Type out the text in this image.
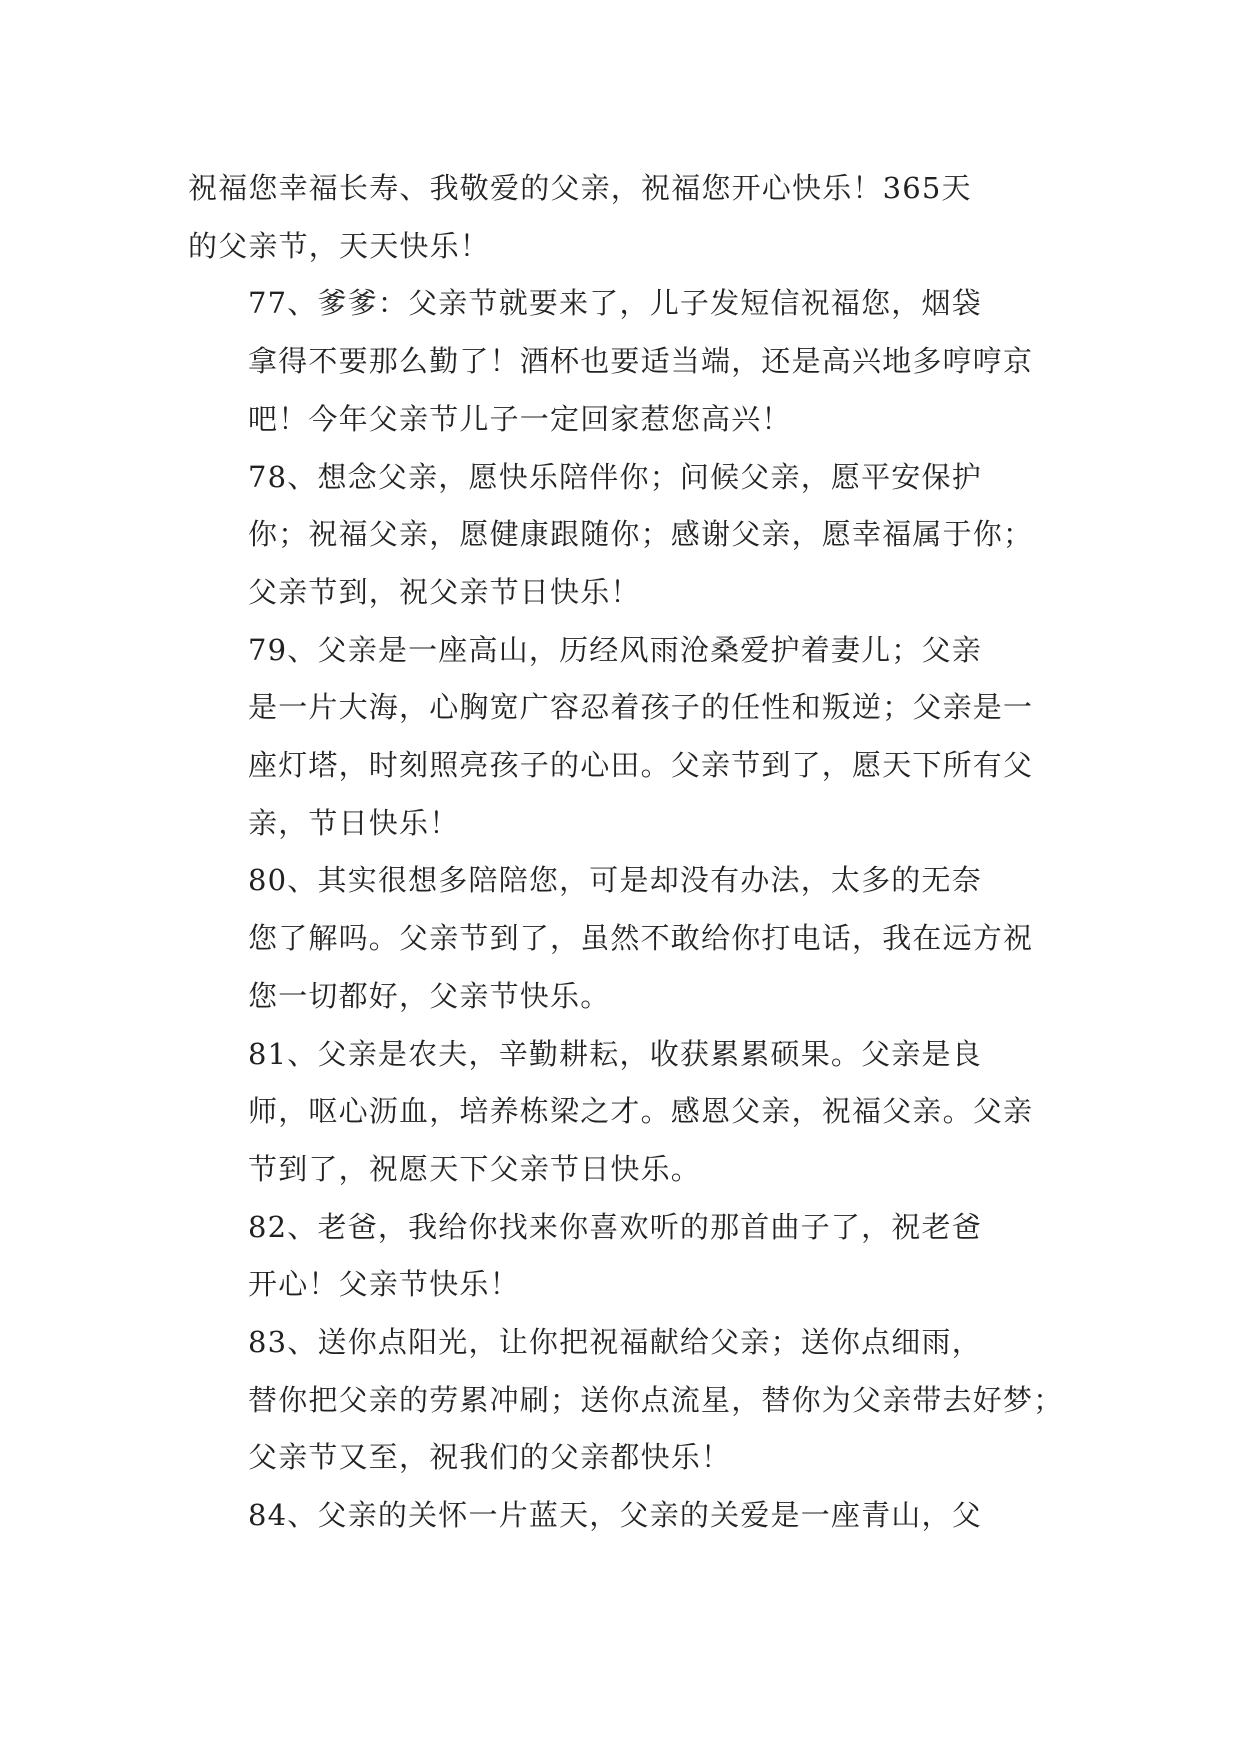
祝福您幸福长寿、我敬爱的父亲，祝福您开心快乐！365天
的父亲节，天天快乐！
77、爹爹：父亲节就要来了，儿子发短信祝福您，烟袋
拿得不要那么勤了！酒杯也要适当端，还是高兴地多哼哼京
吧！今年父亲节儿子一定回家惹您高兴！
78、想念父亲，愿快乐陪伴你；问候父亲，愿平安保护
你；祝福父亲，愿健康跟随你；感谢父亲，愿幸福属于你；
父亲节到，祝父亲节日快乐！
79、父亲是一座高山，历经风雨沧桑爱护着妻儿；父亲
是一片大海，心胸宽广容忍着孩子的任性和叛逆；父亲是一
座灯塔，时刻照亮孩子的心田。父亲节到了，愿天下所有父
亲，节日快乐！
80、其实很想多陪陪您，可是却没有办法，太多的无奈
您了解吗。父亲节到了，虽然不敢给你打电话，我在远方祝
您一切都好，父亲节快乐。
81、父亲是农夫，辛勤耕耘，收获累累硕果。父亲是良
师，呕心沥血，培养栋梁之才。感恩父亲，祝福父亲。父亲
节到了，祝愿天下父亲节日快乐。
82、老爸，我给你找来你喜欢听的那首曲子了，祝老爸
开心！父亲节快乐！
83、送你点阳光，让你把祝福献给父亲；送你点细雨，
替你把父亲的劳累冲刷；送你点流星，替你为父亲带去好梦；
父亲节又至，祝我们的父亲都快乐！
84、父亲的关怀一片蓝天，父亲的关爱是一座青山，父
